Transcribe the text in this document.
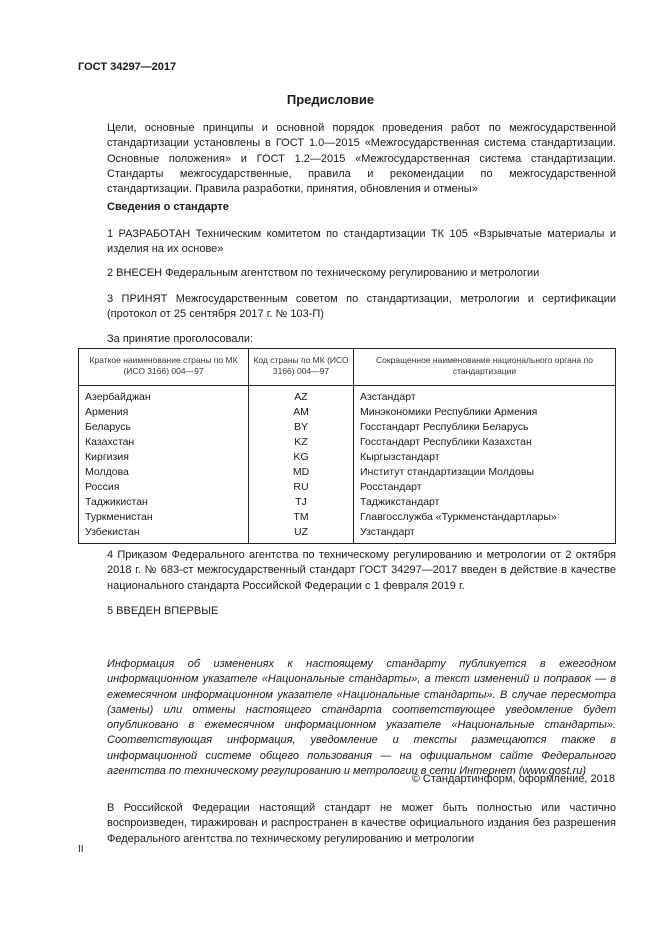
ГОСТ 34297—2017
Предисловие
Цели, основные принципы и основной порядок проведения работ по межгосударственной стандартизации установлены в ГОСТ 1.0—2015 «Межгосударственная система стандартизации. Основные положения» и ГОСТ 1.2—2015 «Межгосударственная система стандартизации. Стандарты межгосударственные, правила и рекомендации по межгосударственной стандартизации. Правила разработки, принятия, обновления и отмены»
Сведения о стандарте
1 РАЗРАБОТАН Техническим комитетом по стандартизации ТК 105 «Взрывчатые материалы и изделия на их основе»
2 ВНЕСЕН Федеральным агентством по техническому регулированию и метрологии
3 ПРИНЯТ Межгосударственным советом по стандартизации, метрологии и сертификации (протокол от 25 сентября 2017 г. № 103-П)
За принятие проголосовали:
Краткое наименование страны по МК (ИСО 3166) 004—97	Код страны по МК (ИСО 3166) 004—97	Сокращенное наименование национального органа по стандартизации
Азербайджан	AZ	Азстандарт
Армения	AM	Минэкономики Республики Армения
Беларусь	BY	Госстандарт Республики Беларусь
Казахстан	KZ	Госстандарт Республики Казахстан
Киргизия	KG	Кыргызстандарт
Молдова	MD	Институт стандартизации Молдовы
Россия	RU	Росстандарт
Таджикистан	TJ	Таджикстандарт
Туркменистан	TM	Главгосслужба «Туркменстандартлары»
Узбекистан	UZ	Узстандарт
4 Приказом Федерального агентства по техническому регулированию и метрологии от 2 октября 2018 г. № 683-ст межгосударственный стандарт ГОСТ 34297—2017 введен в действие в качестве национального стандарта Российской Федерации с 1 февраля 2019 г.
5 ВВЕДЕН ВПЕРВЫЕ
Информация об изменениях к настоящему стандарту публикуется в ежегодном информационном указателе «Национальные стандарты», а текст изменений и поправок — в ежемесячном информационном указателе «Национальные стандарты». В случае пересмотра (замены) или отмены настоящего стандарта соответствующее уведомление будет опубликовано в ежемесячном информационном указателе «Национальные стандарты». Соответствующая информация, уведомление и тексты размещаются также в информационной системе общего пользования — на официальном сайте Федерального агентства по техническому регулированию и метрологии в сети Интернет (www.gost.ru)
© Стандартинформ, оформление, 2018
В Российской Федерации настоящий стандарт не может быть полностью или частично воспроизведен, тиражирован и распространен в качестве официального издания без разрешения Федерального агентства по техническому регулированию и метрологии
II
